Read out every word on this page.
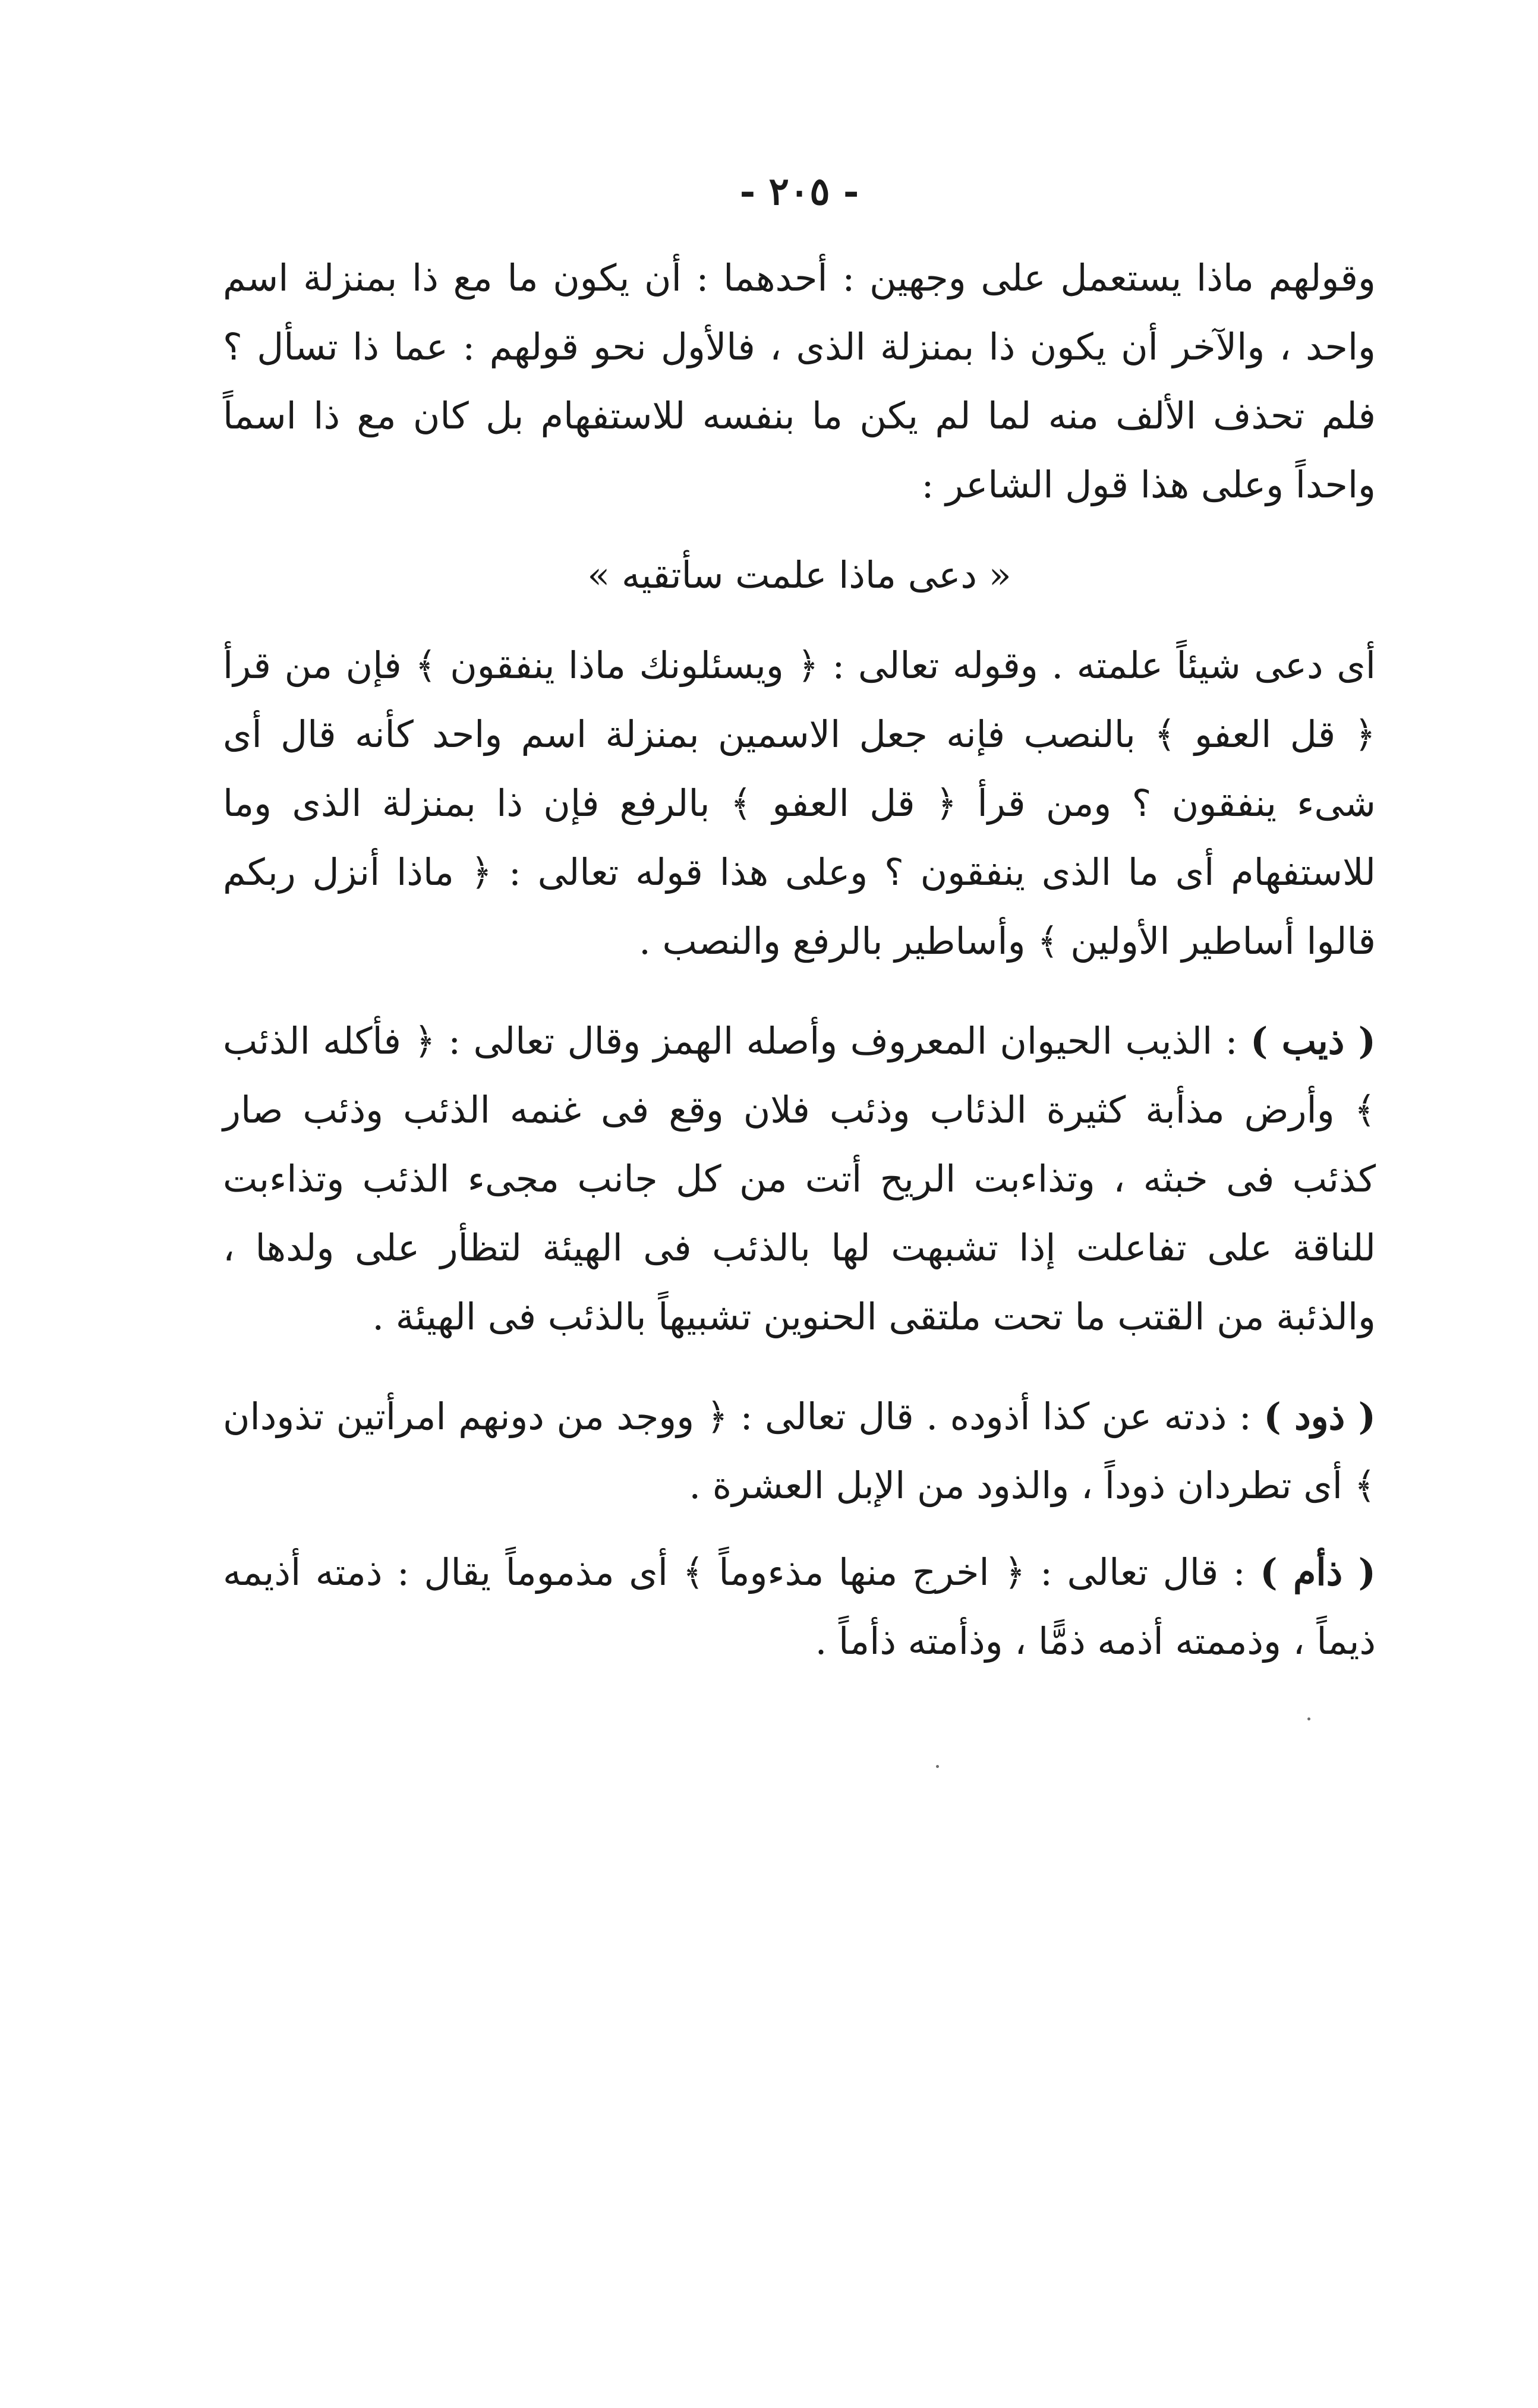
- ٢٠٥ -

وقولهم ماذا يستعمل على وجهين : أحدهما : أن يكون ما مع ذا بمنزلة اسم واحد ، والآخر أن يكون ذا بمنزلة الذى ، فالأول نحو قولهم : عما ذا تسأل ؟ فلم تحذف الألف منه لما لم يكن ما بنفسه للاستفهام بل كان مع ذا اسماً واحداً وعلى هذا قول الشاعر :

« دعى ماذا علمت سأتقيه »

أى دعى شيئاً علمته . وقوله تعالى : ﴿ ويسئلونك ماذا ينفقون ﴾ فإن من قرأ ﴿ قل العفو ﴾ بالنصب فإنه جعل الاسمين بمنزلة اسم واحد كأنه قال أى شىء ينفقون ؟ ومن قرأ ﴿ قل العفو ﴾ بالرفع فإن ذا بمنزلة الذى وما للاستفهام أى ما الذى ينفقون ؟ وعلى هذا قوله تعالى : ﴿ ماذا أنزل ربكم قالوا أساطير الأولين ﴾ وأساطير بالرفع والنصب .

( ذيب ) : الذيب الحيوان المعروف وأصله الهمز وقال تعالى : ﴿ فأكله الذئب ﴾ وأرض مذأبة كثيرة الذئاب وذئب فلان وقع فى غنمه الذئب وذئب صار كذئب فى خبثه ، وتذاءبت الريح أتت من كل جانب مجىء الذئب وتذاءبت للناقة على تفاعلت إذا تشبهت لها بالذئب فى الهيئة لتظأر على ولدها ، والذئبة من القتب ما تحت ملتقى الحنوين تشبيهاً بالذئب فى الهيئة .

( ذود ) : ذدته عن كذا أذوده . قال تعالى : ﴿ ووجد من دونهم امرأتين تذودان ﴾ أى تطردان ذوداً ، والذود من الإبل العشرة .

( ذأم ) : قال تعالى : ﴿ اخرج منها مذءوماً ﴾ أى مذموماً يقال : ذمته أذيمه ذيماً ، وذممته أذمه ذمًّا ، وذأمته ذأماً .
